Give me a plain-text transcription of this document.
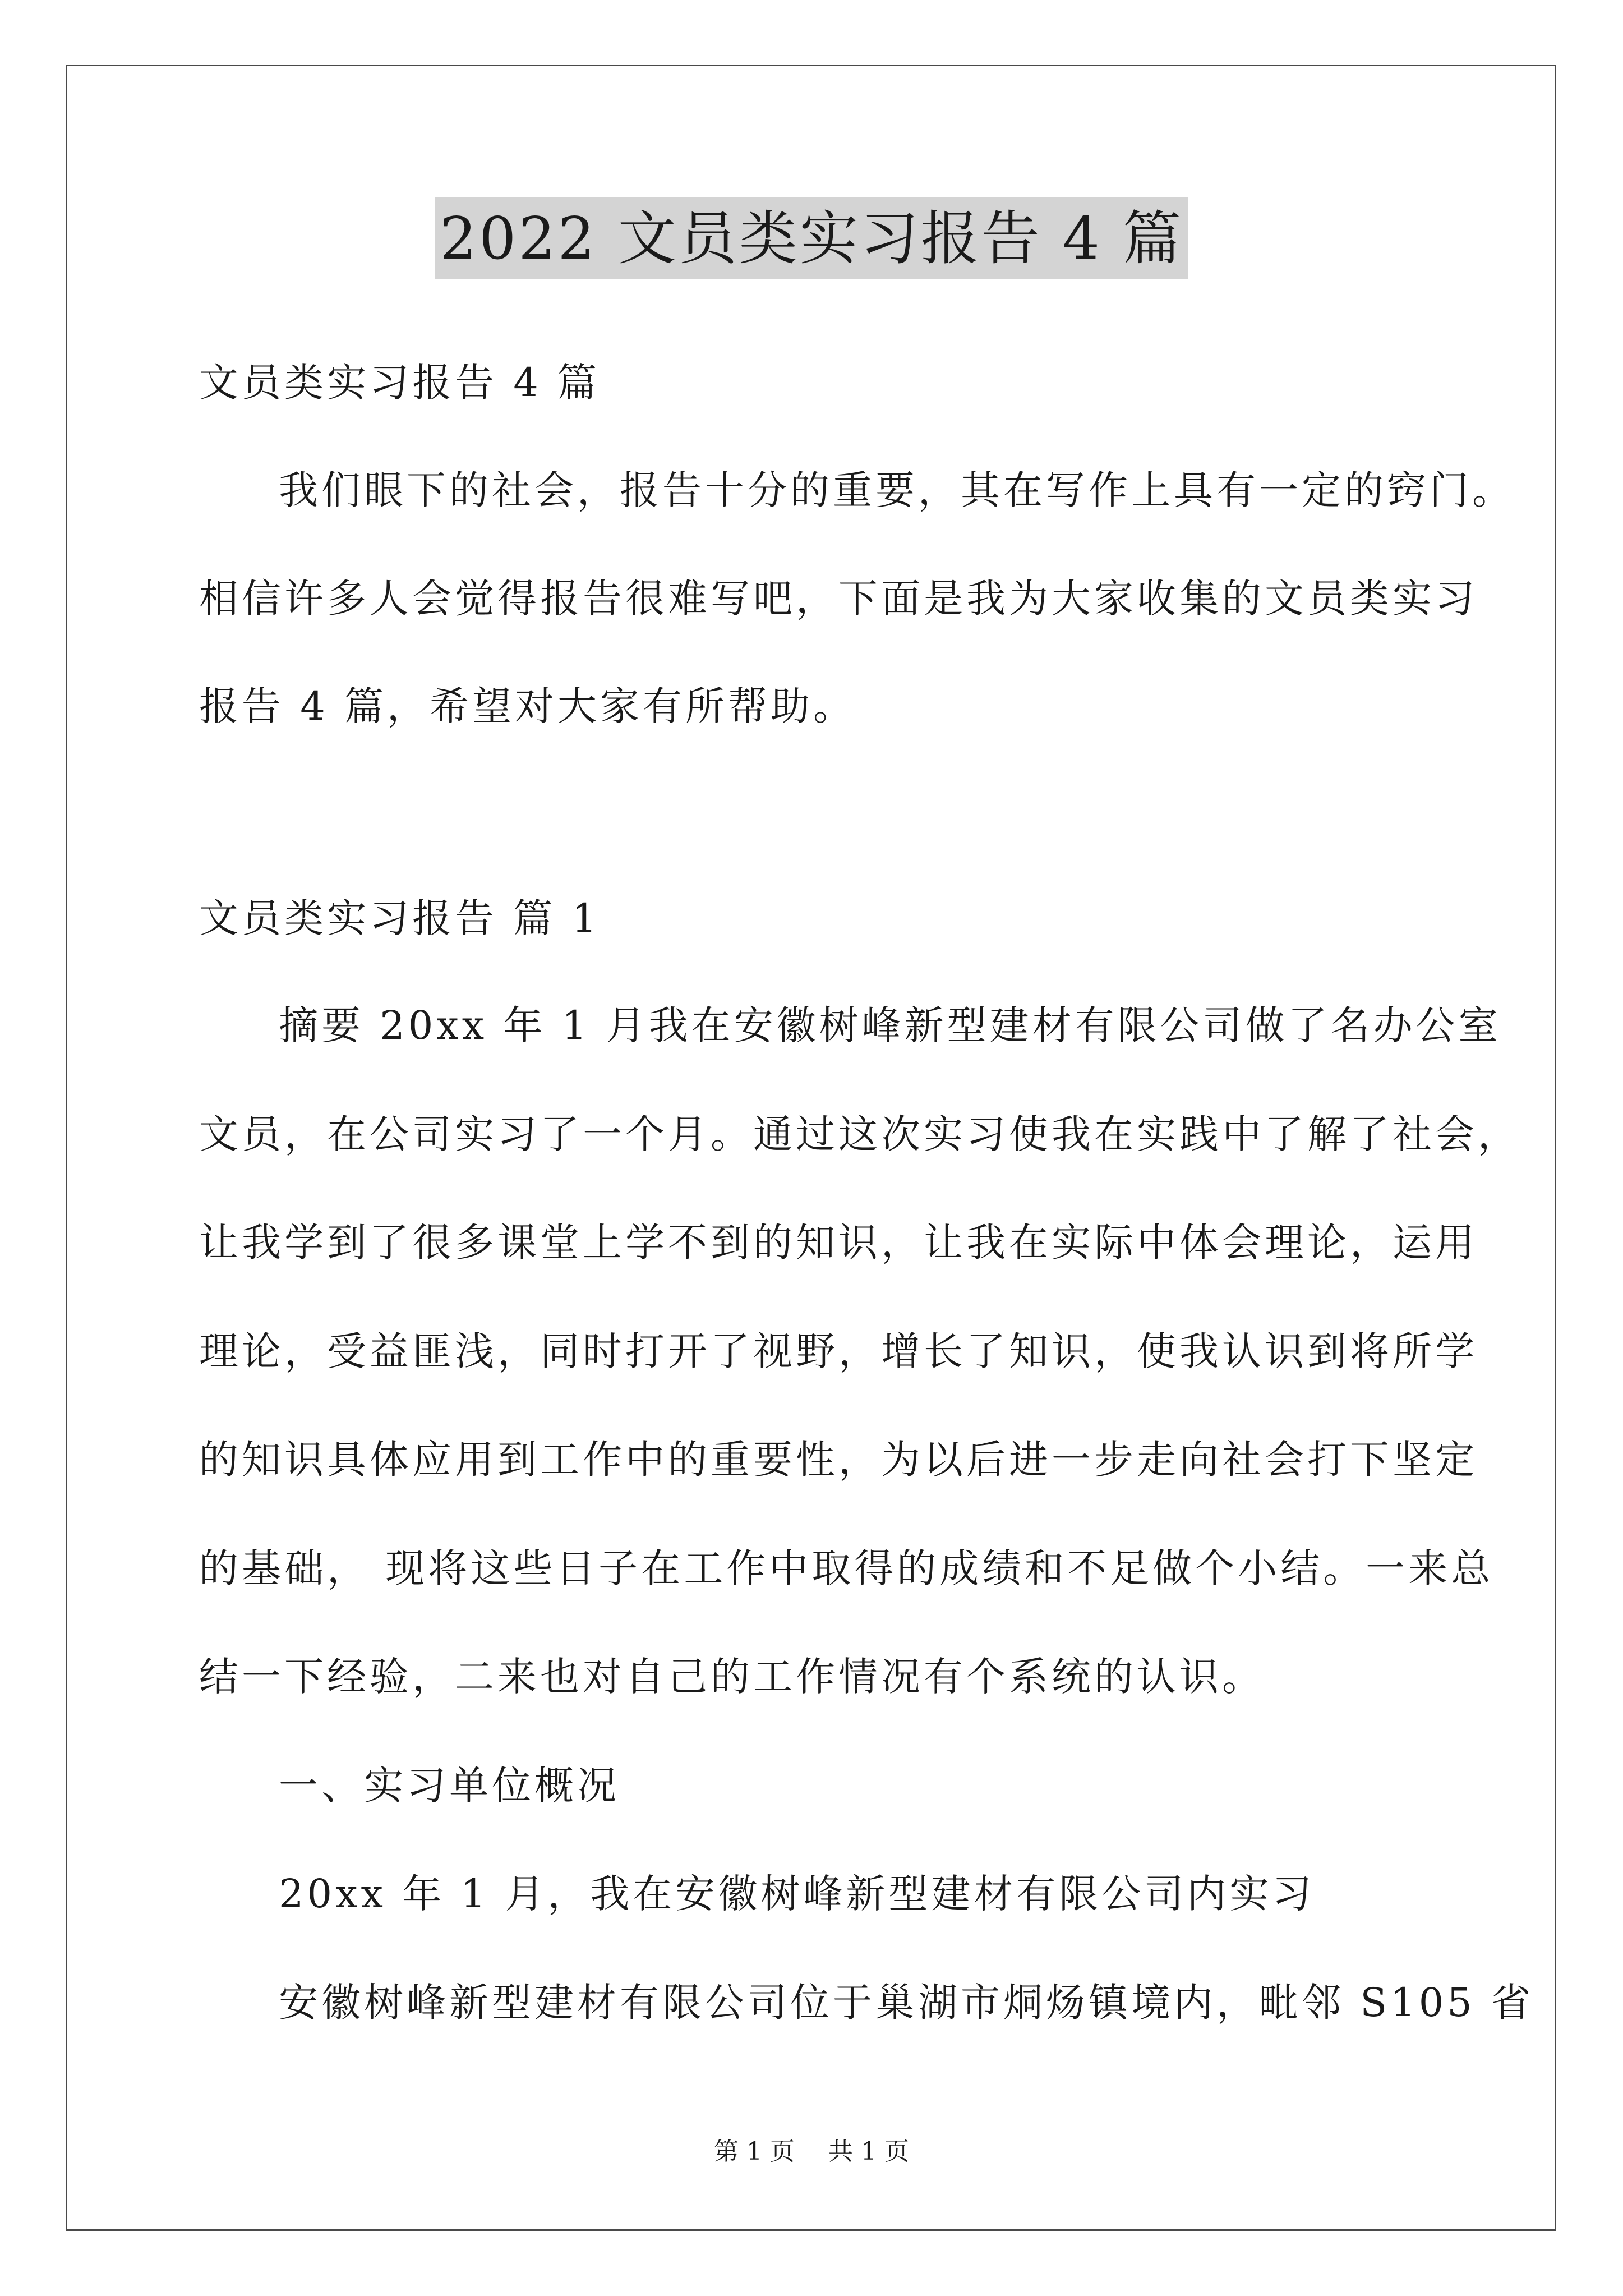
2022 文员类实习报告 4 篇

文员类实习报告 4 篇

我们眼下的社会，报告十分的重要，其在写作上具有一定的窍门。

相信许多人会觉得报告很难写吧，下面是我为大家收集的文员类实习

报告 4 篇，希望对大家有所帮助。

文员类实习报告 篇 1

摘要 20xx 年 1 月我在安徽树峰新型建材有限公司做了名办公室

文员，在公司实习了一个月。通过这次实习使我在实践中了解了社会，

让我学到了很多课堂上学不到的知识，让我在实际中体会理论，运用

理论，受益匪浅，同时打开了视野，增长了知识，使我认识到将所学

的知识具体应用到工作中的重要性，为以后进一步走向社会打下坚定

的基础， 现将这些日子在工作中取得的成绩和不足做个小结。一来总

结一下经验，二来也对自己的工作情况有个系统的认识。

一、实习单位概况

20xx 年 1 月，我在安徽树峰新型建材有限公司内实习

安徽树峰新型建材有限公司位于巢湖市烔炀镇境内，毗邻 S105 省

第 1 页 共 1 页
